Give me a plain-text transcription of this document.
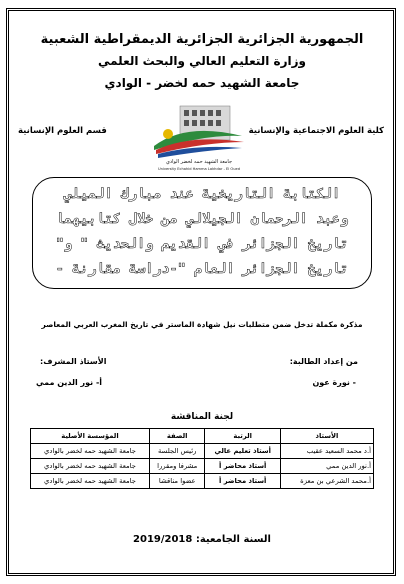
الجمهورية الجزائرية الجزائرية الديمقراطية الشعبية
وزارة التعليم العالي والبحث العلمي
جامعة الشهيد حمه لخضر - الوادي
كلية العلوم الاجتماعية والإنسانية
قسم العلوم الإنسانية
جامعة الشهيد حمه لخضر الوادي
University Echahid Hamma Lakhdar - El Oued
الكتابة التاريخية عند مبارك الميلي
وعبد الرحمان الجيلالي من خلال كتابيهما
تاريخ الجزائر في القديم والحديث " و"
تاريخ الجزائر العام "-دراسة مقارنة -
مذكرة مكملة تدخل ضمن متطلبات نيل شهادة الماستر في تاريخ المغرب العربي المعاصر
من إعداد الطالبة:
الأستاذ المشرف:
- نورة عون
أ- نور الدين ممي
لجنة المناقشة
الأستاذ	الرتبة	الصفة	المؤسسة الأصلية
أ.د محمد السعيد عقيب	أستاذ تعليم عالي	رئيس الجلسة	جامعة الشهيد حمه لخضر بالوادي
أ.نور الدين ممي	أستاذ محاضر أ	مشرفا ومقررا	جامعة الشهيد حمه لخضر بالوادي
أ.محمد الشرعي بن معزة	أستاذ محاضر أ	عضوا مناقشا	جامعة الشهيد حمه لخضر بالوادي
السنة الجامعية: 2019/2018
